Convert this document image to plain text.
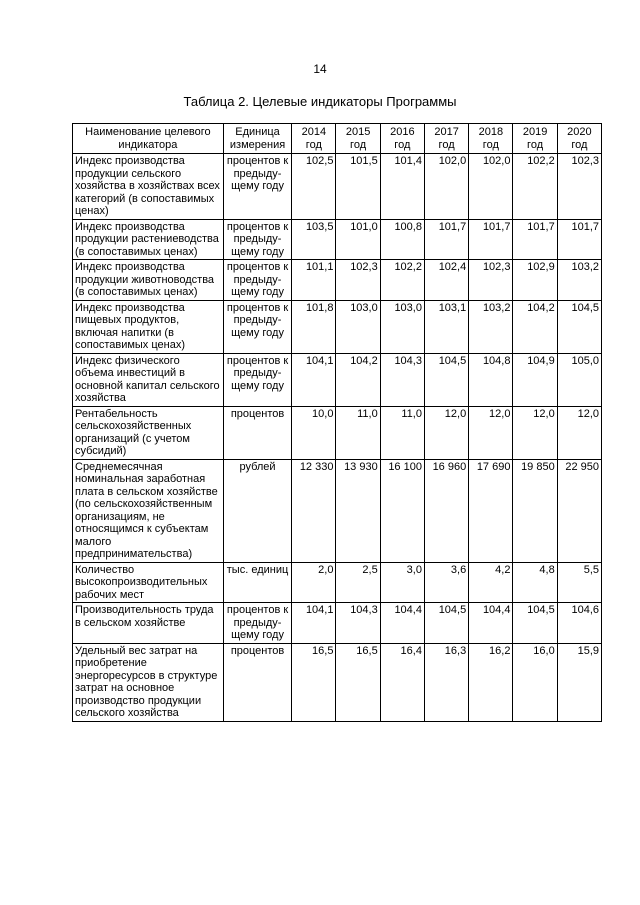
14
Таблица 2. Целевые индикаторы Программы
Наименование целевого индикатора	Единица измерения	2014 год	2015 год	2016 год	2017 год	2018 год	2019 год	2020 год
Индекс производства продукции сельского хозяйства в хозяйствах всех категорий (в сопоставимых ценах)	процентов к предыду-щему году	102,5	101,5	101,4	102,0	102,0	102,2	102,3
Индекс производства продукции растениеводства (в сопоставимых ценах)	процентов к предыду-щему году	103,5	101,0	100,8	101,7	101,7	101,7	101,7
Индекс производства продукции животноводства (в сопоставимых ценах)	процентов к предыду-щему году	101,1	102,3	102,2	102,4	102,3	102,9	103,2
Индекс производства пищевых продуктов, включая напитки (в сопоставимых ценах)	процентов к предыду-щему году	101,8	103,0	103,0	103,1	103,2	104,2	104,5
Индекс физического объема инвестиций в основной капитал сельского хозяйства	процентов к предыду-щему году	104,1	104,2	104,3	104,5	104,8	104,9	105,0
Рентабельность сельскохозяйственных организаций (с учетом субсидий)	процентов	10,0	11,0	11,0	12,0	12,0	12,0	12,0
Среднемесячная номинальная заработная плата в сельском хозяйстве (по сельскохозяйственным организациям, не относящимся к субъектам малого предпринимательства)	рублей	12 330	13 930	16 100	16 960	17 690	19 850	22 950
Количество высокопроизводительных рабочих мест	тыс. единиц	2,0	2,5	3,0	3,6	4,2	4,8	5,5
Производительность труда в сельском хозяйстве	процентов к предыду-щему году	104,1	104,3	104,4	104,5	104,4	104,5	104,6
Удельный вес затрат на приобретение энергоресурсов в структуре затрат на основное производство продукции сельского хозяйства	процентов	16,5	16,5	16,4	16,3	16,2	16,0	15,9
